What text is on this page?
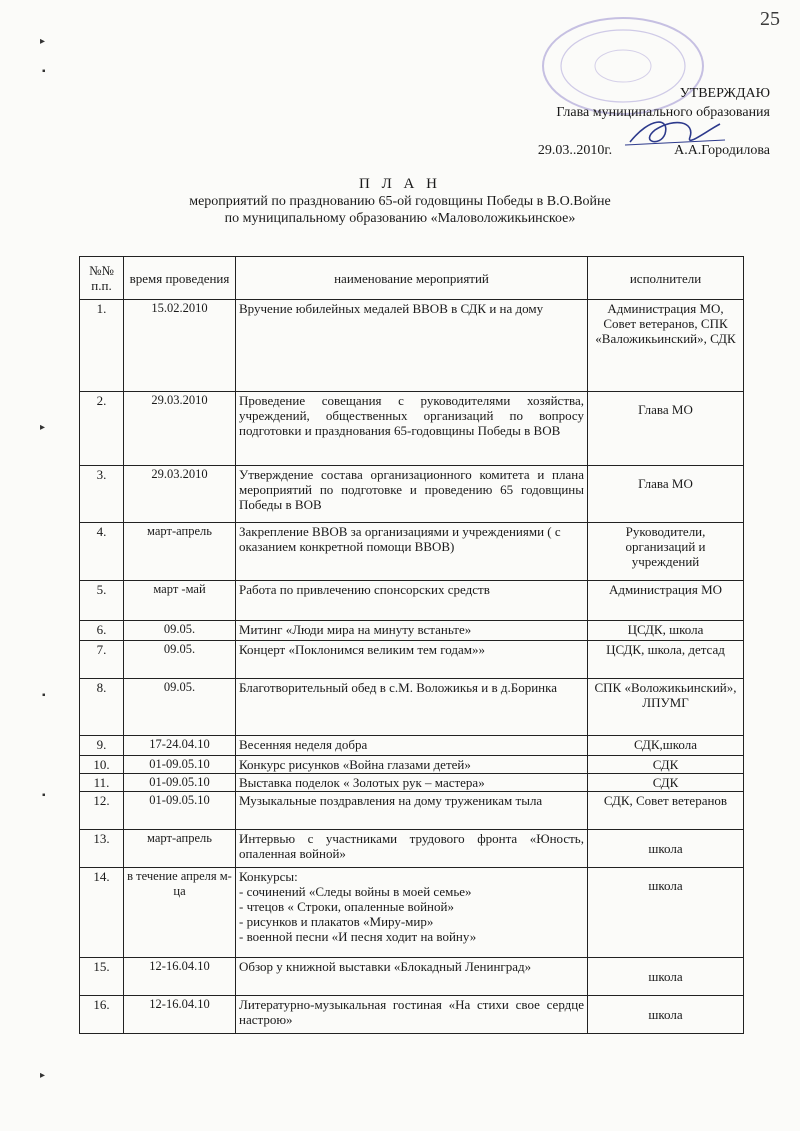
25
УТВЕРЖДАЮ
Глава муниципального образования
29.03..2010г.	А.А.Городилова
П Л А Н
мероприятий по празднованию 65-ой годовщины Победы в В.О.Войне
по муниципальному образованию «Маловоложикьинское»
№№ п.п.	время проведения	наименование мероприятий	исполнители
1.	15.02.2010	Вручение юбилейных медалей ВВОВ в СДК и на дому	Администрация МО, Совет ветеранов, СПК «Валожикьинский», СДК
2.	29.03.2010	Проведение совещания с руководителями хозяйства, учреждений, общественных организаций по вопросу подготовки и празднования 65-годовщины Победы в ВОВ	Глава МО
3.	29.03.2010	Утверждение состава организационного комитета и плана мероприятий по подготовке и проведению 65 годовщины Победы в ВОВ	Глава МО
4.	март-апрель	Закрепление ВВОВ за организациями и учреждениями ( с оказанием конкретной помощи ВВОВ)	Руководители, организаций и учреждений
5.	март -май	Работа по привлечению спонсорских средств	Администрация МО
6.	09.05.	Митинг «Люди мира на минуту встаньте»	ЦСДК, школа
7.	09.05.	Концерт «Поклонимся великим тем годам»»	ЦСДК, школа, детсад
8.	09.05.	Благотворительный обед в с.М. Воложикья и в д.Боринка	СПК «Воложикьинский», ЛПУМГ
9.	17-24.04.10	Весенняя неделя добра	СДК,школа
10.	01-09.05.10	Конкурс рисунков «Война глазами детей»	СДК
11.	01-09.05.10	Выставка поделок « Золотых рук – мастера»	СДК
12.	01-09.05.10	Музыкальные поздравления на дому труженикам тыла	СДК, Совет ветеранов
13.	март-апрель	Интервью с участниками трудового фронта «Юность, опаленная войной»	школа
14.	в течение апреля м-ца	Конкурсы:
- сочинений «Следы войны в моей семье»
- чтецов « Строки, опаленные войной»
- рисунков и плакатов «Миру-мир»
- военной песни «И песня ходит на войну»	школа
15.	12-16.04.10	Обзор у книжной выставки «Блокадный Ленинград»	школа
16.	12-16.04.10	Литературно-музыкальная гостиная «На стихи свое сердце настрою»	школа
▸
▪
▸
▪
▪
▸
